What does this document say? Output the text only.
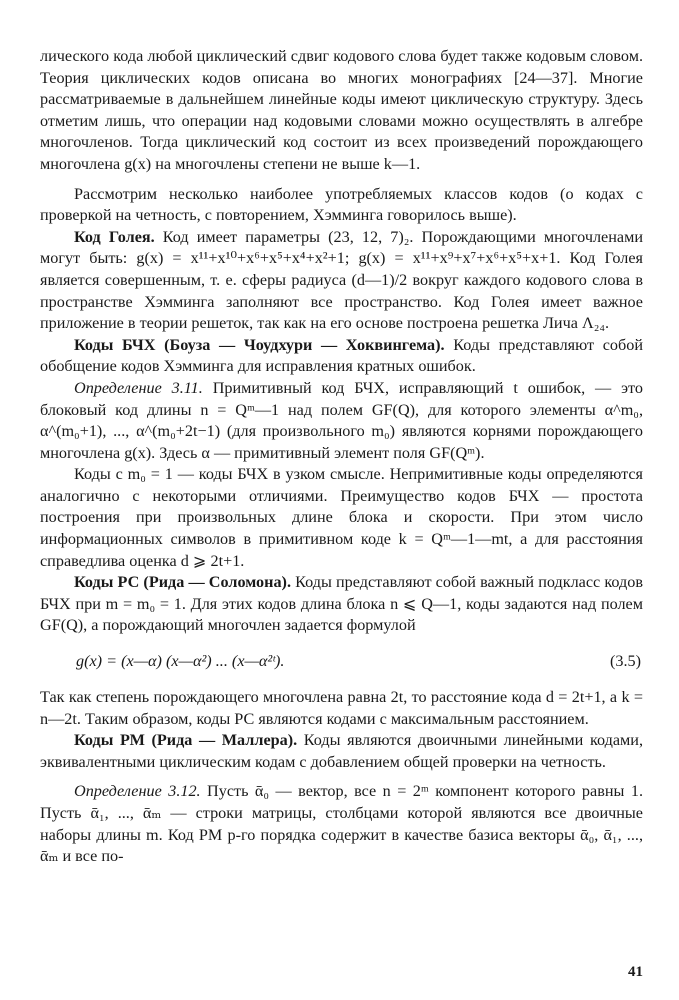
лического кода любой циклический сдвиг кодового слова будет также кодовым словом. Теория циклических кодов описана во многих монографиях [24—37]. Многие рассматриваемые в дальнейшем линейные коды имеют циклическую структуру. Здесь отметим лишь, что операции над кодовыми словами можно осуществлять в алгебре многочленов. Тогда циклический код состоит из всех произведений порождающего многочлена g(x) на многочлены степени не выше k—1.

Рассмотрим несколько наиболее употребляемых классов кодов (о кодах с проверкой на четность, с повторением, Хэмминга говорилось выше).

Код Голея. Код имеет параметры (23, 12, 7)₂. Порождающими многочленами могут быть: g(x) = x¹¹+x¹⁰+x⁶+x⁵+x⁴+x²+1; g(x) = x¹¹+x⁹+x⁷+x⁶+x⁵+x+1. Код Голея является совершенным, т. е. сферы радиуса (d—1)/2 вокруг каждого кодового слова в пространстве Хэмминга заполняют все пространство. Код Голея имеет важное приложение в теории решеток, так как на его основе построена решетка Лича Λ₂₄.

Коды БЧХ (Боуза — Чоудхури — Хоквингема). Коды представляют собой обобщение кодов Хэмминга для исправления кратных ошибок.

Определение 3.11. Примитивный код БЧХ, исправляющий t ошибок, — это блоковый код длины n = Qᵐ—1 над полем GF(Q), для которого элементы α^m₀, α^(m₀+1), ..., α^(m₀+2t−1) (для произвольного m₀) являются корнями порождающего многочлена g(x). Здесь α — примитивный элемент поля GF(Qᵐ).

Коды с m₀ = 1 — коды БЧХ в узком смысле. Непримитивные коды определяются аналогично с некоторыми отличиями. Преимущество кодов БЧХ — простота построения при произвольных длине блока и скорости. При этом число информационных символов в примитивном коде k = Qᵐ—1—mt, а для расстояния справедлива оценка d ⩾ 2t+1.

Коды РС (Рида — Соломона). Коды представляют собой важный подкласс кодов БЧХ при m = m₀ = 1. Для этих кодов длина блока n ⩽ Q—1, коды задаются над полем GF(Q), а порождающий многочлен задается формулой

g(x) = (x—α) (x—α²) ... (x—α²ᵗ).	(3.5)

Так как степень порождающего многочлена равна 2t, то расстояние кода d = 2t+1, а k = n—2t. Таким образом, коды РС являются кодами с максимальным расстоянием.

Коды РМ (Рида — Маллера). Коды являются двоичными линейными кодами, эквивалентными циклическим кодам с добавлением общей проверки на четность.

Определение 3.12. Пусть ᾱ₀ — вектор, все n = 2ᵐ компонент которого равны 1. Пусть ᾱ₁, ..., ᾱₘ — строки матрицы, столбцами которой являются все двоичные наборы длины m. Код РМ p-го порядка содержит в качестве базиса векторы ᾱ₀, ᾱ₁, ..., ᾱₘ и все по-

41
